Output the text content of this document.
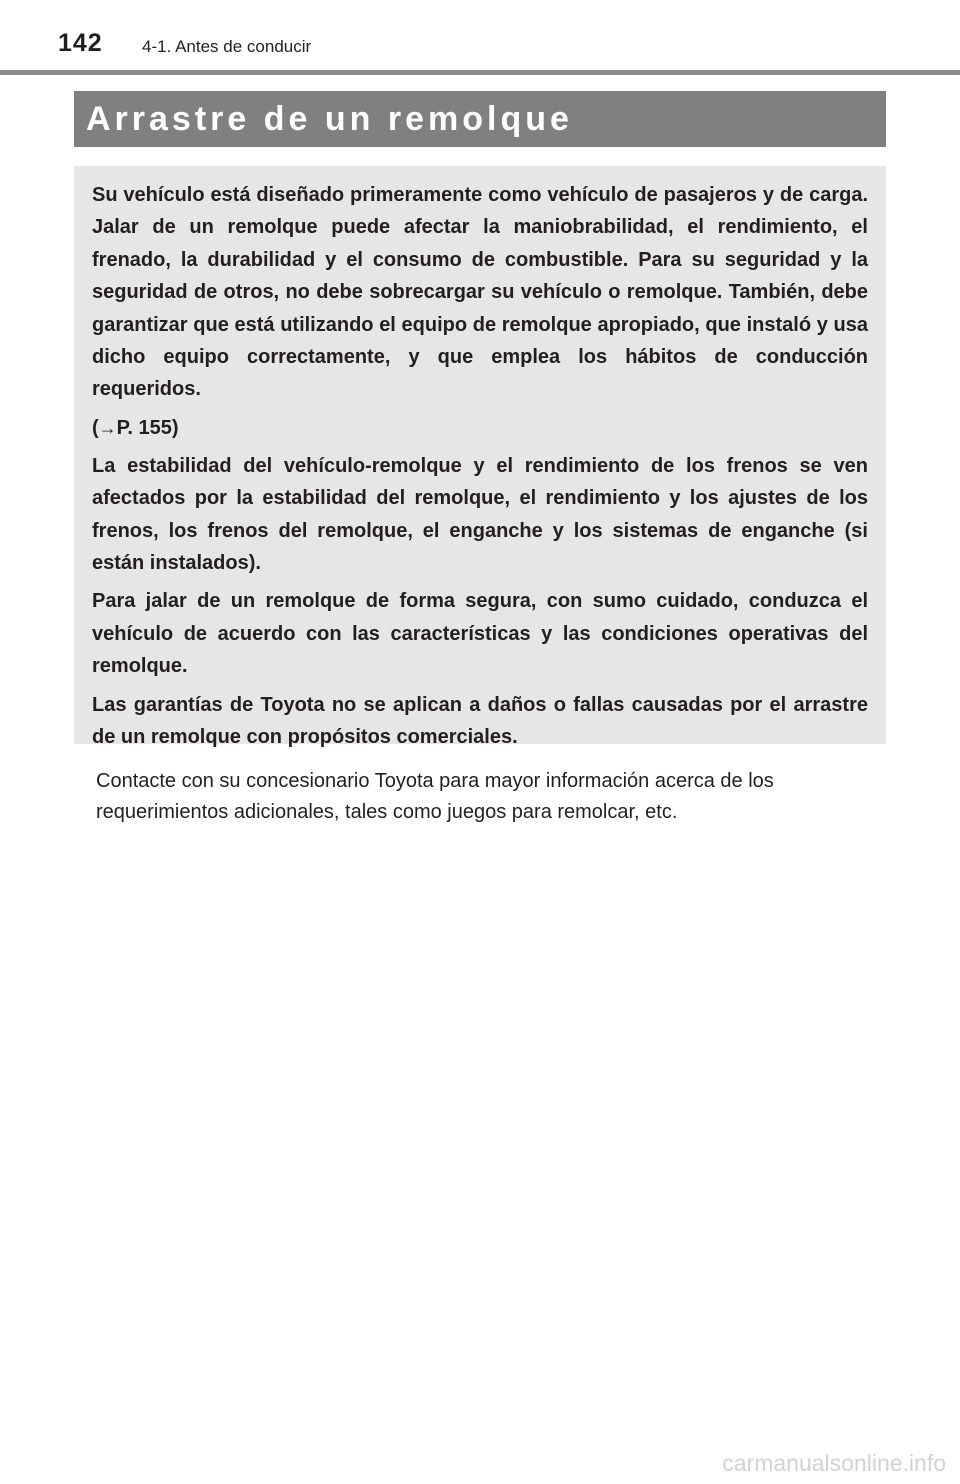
142 4-1. Antes de conducir
Arrastre de un remolque

Su vehículo está diseñado primeramente como vehículo de pasajeros y de carga. Jalar de un remolque puede afectar la maniobrabilidad, el rendimiento, el frenado, la durabilidad y el consumo de combustible. Para su seguridad y la seguridad de otros, no debe sobrecargar su vehículo o remolque. También, debe garantizar que está utilizando el equipo de remolque apropiado, que instaló y usa dicho equipo correctamente, y que emplea los hábitos de conducción requeridos.

(→P. 155)

La estabilidad del vehículo-remolque y el rendimiento de los frenos se ven afectados por la estabilidad del remolque, el rendimiento y los ajustes de los frenos, los frenos del remolque, el enganche y los sistemas de enganche (si están instalados).

Para jalar de un remolque de forma segura, con sumo cuidado, conduzca el vehículo de acuerdo con las características y las condiciones operativas del remolque.

Las garantías de Toyota no se aplican a daños o fallas causadas por el arrastre de un remolque con propósitos comerciales.

Contacte con su concesionario Toyota para mayor información acerca de los requerimientos adicionales, tales como juegos para remolcar, etc.

carmanualsonline.info
